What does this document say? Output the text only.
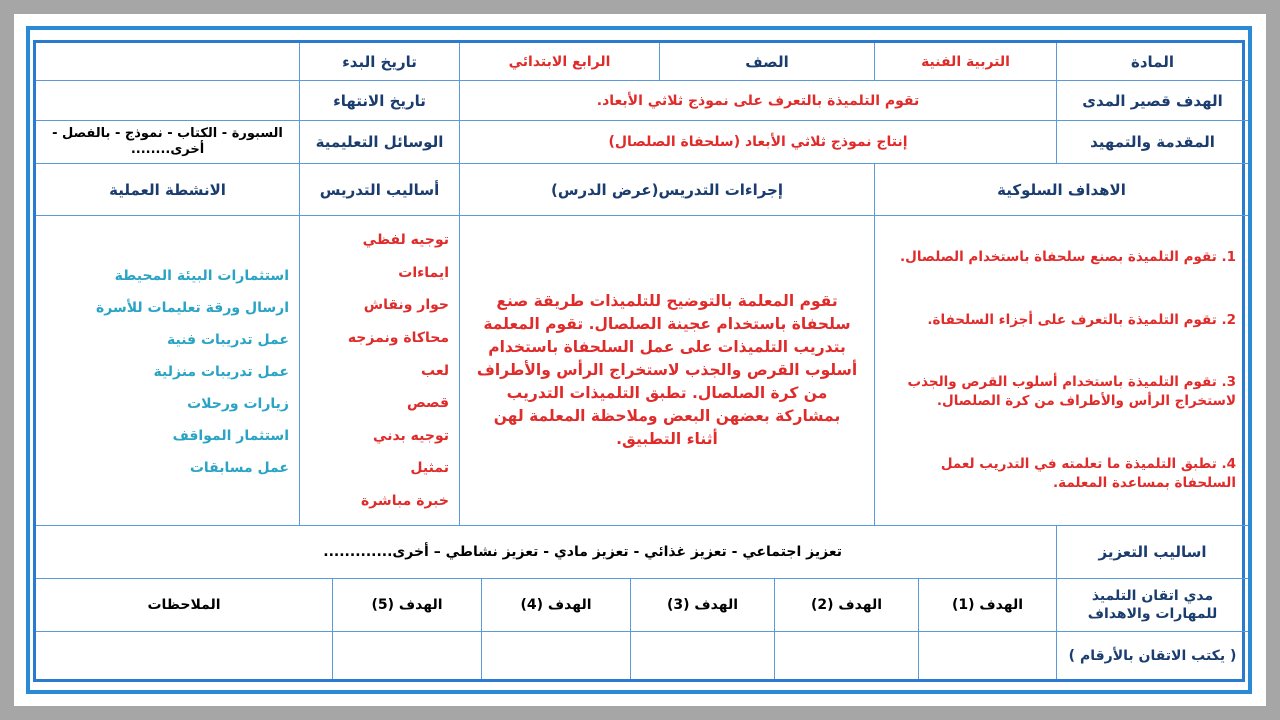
المادة
التربية الفنية
الصف
الرابع الابتدائي
تاريخ البدء
الهدف قصير المدى
تقوم التلميذة بالتعرف على نموذج ثلاثي الأبعاد.
تاريخ الانتهاء
المقدمة والتمهيد
إنتاج نموذج ثلاثي الأبعاد (سلحفاة الصلصال)
الوسائل التعليمية
السبورة - الكتاب - نموذج - بالفصل - أخرى........
الاهداف السلوكية
إجراءات التدريس(عرض الدرس)
أساليب التدريس
الانشطة العملية
1. تقوم التلميذة بصنع سلحفاة باستخدام الصلصال.
2. تقوم التلميذة بالتعرف على أجزاء السلحفاة.
3. تقوم التلميذة باستخدام أسلوب القرص والجذب لاستخراج الرأس والأطراف من كرة الصلصال.
4. تطبق التلميذة ما تعلمته في التدريب لعمل السلحفاة بمساعدة المعلمة.
تقوم المعلمة بالتوضيح للتلميذات طريقة صنع سلحفاة باستخدام عجينة الصلصال. تقوم المعلمة بتدريب التلميذات على عمل السلحفاة باستخدام أسلوب القرص والجذب لاستخراج الرأس والأطراف من كرة الصلصال. تطبق التلميذات التدريب بمشاركة بعضهن البعض وملاحظة المعلمة لهن أثناء التطبيق.
توجيه لفظي
ايماءات
حوار ونقاش
محاكاة ونمزجه
لعب
قصص
توجيه بدني
تمثيل
خبرة مباشرة
استثمارات البيئة المحيطة
ارسال ورقة تعليمات للأسرة
عمل تدريبات فنية
عمل تدريبات منزلية
زيارات ورحلات
استثمار المواقف
عمل مسابقات
اساليب التعزيز
تعزيز اجتماعي - تعزيز غذائي - تعزيز مادي - تعزيز نشاطي – أخرى.............
مدي اتقان التلميذ للمهارات والاهداف
الهدف (1)
الهدف (2)
الهدف (3)
الهدف (4)
الهدف (5)
الملاحظات
( يكتب الاتقان بالأرقام )
